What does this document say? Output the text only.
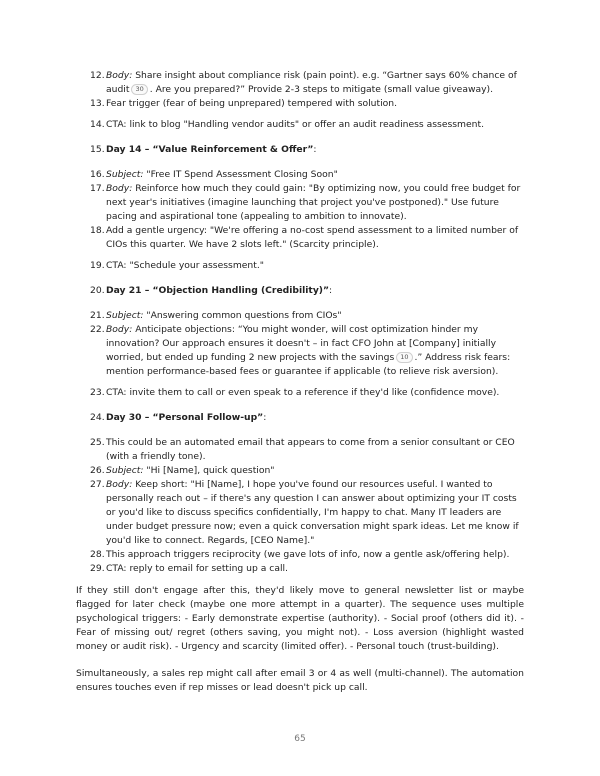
12. Body: Share insight about compliance risk (pain point). e.g. “Gartner says 60% chance of audit 30 . Are you prepared?” Provide 2-3 steps to mitigate (small value giveaway).
13. Fear trigger (fear of being unprepared) tempered with solution.
14. CTA: link to blog "Handling vendor audits" or offer an audit readiness assessment.
15. Day 14 – “Value Reinforcement & Offer”:
16. Subject: "Free IT Spend Assessment Closing Soon"
17. Body: Reinforce how much they could gain: "By optimizing now, you could free budget for next year's initiatives (imagine launching that project you've postponed)." Use future pacing and aspirational tone (appealing to ambition to innovate).
18. Add a gentle urgency: "We're offering a no-cost spend assessment to a limited number of CIOs this quarter. We have 2 slots left." (Scarcity principle).
19. CTA: "Schedule your assessment."
20. Day 21 – “Objection Handling (Credibility)”:
21. Subject: "Answering common questions from CIOs"
22. Body: Anticipate objections: “You might wonder, will cost optimization hinder my innovation? Our approach ensures it doesn't – in fact CFO John at [Company] initially worried, but ended up funding 2 new projects with the savings 10 .” Address risk fears: mention performance-based fees or guarantee if applicable (to relieve risk aversion).
23. CTA: invite them to call or even speak to a reference if they'd like (confidence move).
24. Day 30 – “Personal Follow-up”:
25. This could be an automated email that appears to come from a senior consultant or CEO (with a friendly tone).
26. Subject: "Hi [Name], quick question"
27. Body: Keep short: "Hi [Name], I hope you've found our resources useful. I wanted to personally reach out – if there's any question I can answer about optimizing your IT costs or you'd like to discuss specifics confidentially, I'm happy to chat. Many IT leaders are under budget pressure now; even a quick conversation might spark ideas. Let me know if you'd like to connect. Regards, [CEO Name]."
28. This approach triggers reciprocity (we gave lots of info, now a gentle ask/offering help).
29. CTA: reply to email for setting up a call.

If they still don't engage after this, they'd likely move to general newsletter list or maybe flagged for later check (maybe one more attempt in a quarter). The sequence uses multiple psychological triggers: - Early demonstrate expertise (authority). - Social proof (others did it). - Fear of missing out/ regret (others saving, you might not). - Loss aversion (highlight wasted money or audit risk). - Urgency and scarcity (limited offer). - Personal touch (trust-building).

Simultaneously, a sales rep might call after email 3 or 4 as well (multi-channel). The automation ensures touches even if rep misses or lead doesn't pick up call.

65
